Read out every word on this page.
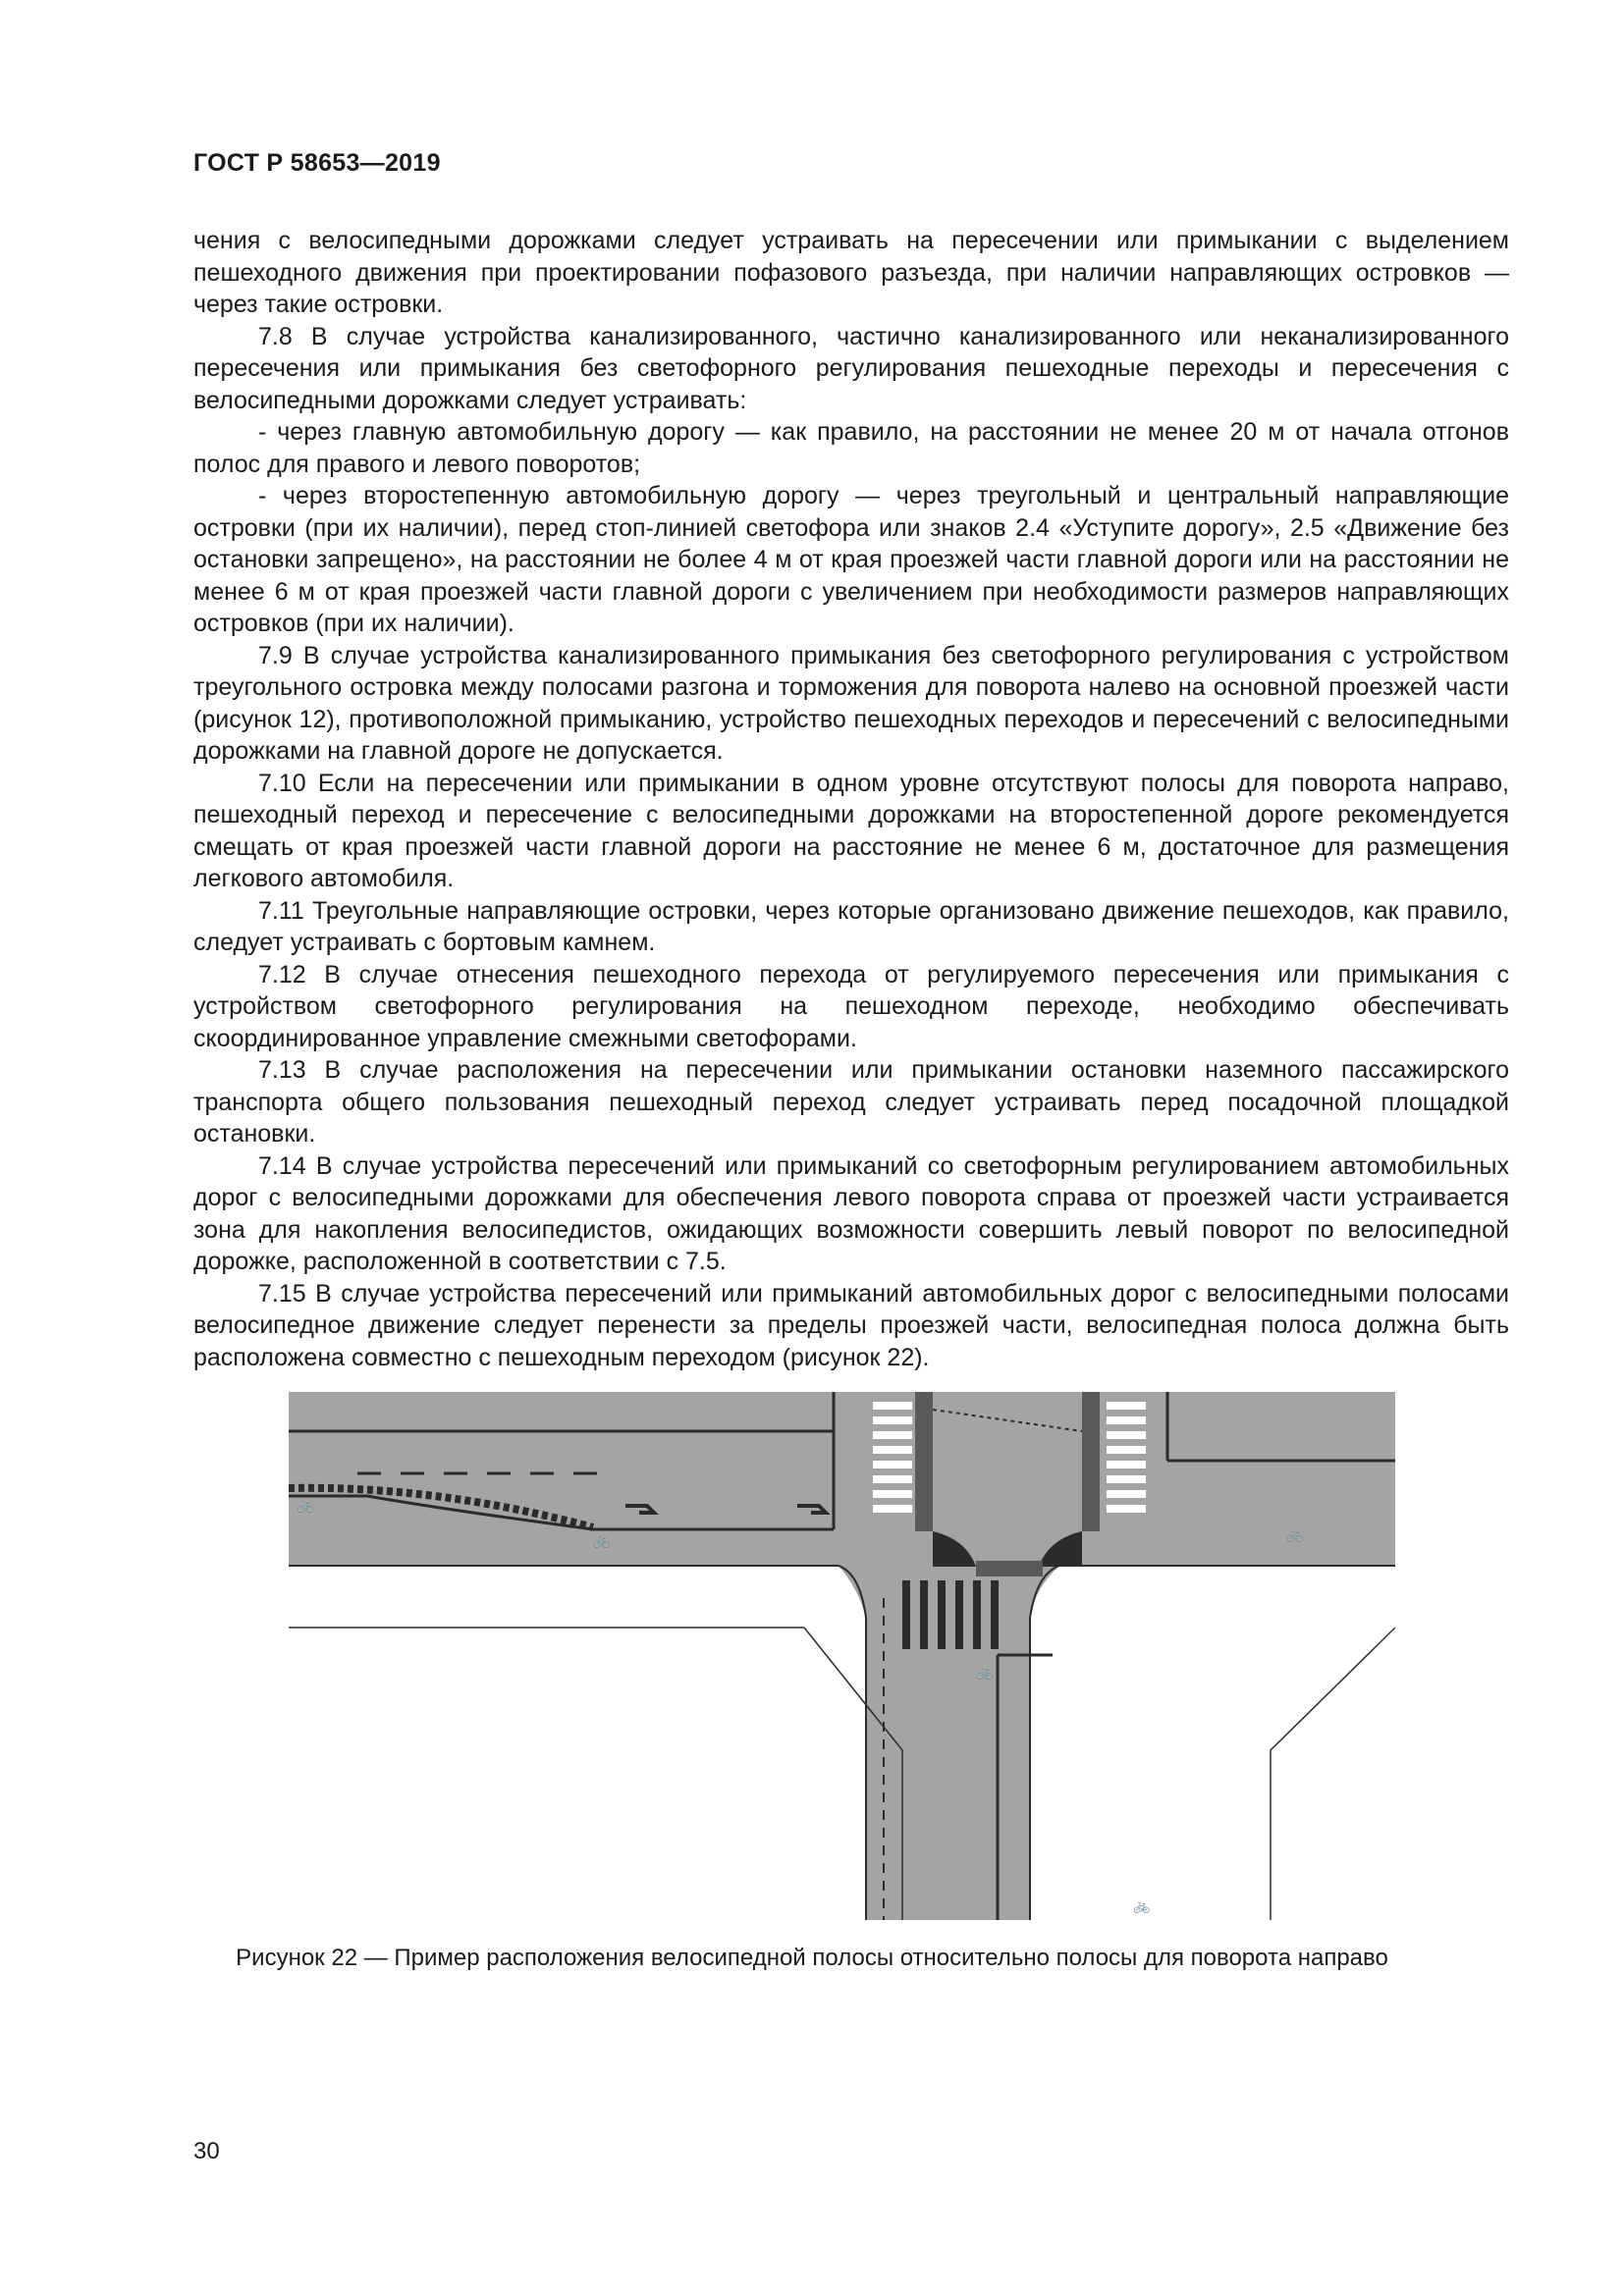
ГОСТ Р 58653—2019

чения с велосипедными дорожками следует устраивать на пересечении или примыкании с выделением пешеходного движения при проектировании пофазового разъезда, при наличии направляющих островков — через такие островки.

7.8 В случае устройства канализированного, частично канализированного или неканализированного пересечения или примыкания без светофорного регулирования пешеходные переходы и пересечения с велосипедными дорожками следует устраивать:

- через главную автомобильную дорогу — как правило, на расстоянии не менее 20 м от начала отгонов полос для правого и левого поворотов;

- через второстепенную автомобильную дорогу — через треугольный и центральный направляющие островки (при их наличии), перед стоп-линией светофора или знаков 2.4 «Уступите дорогу», 2.5 «Движение без остановки запрещено», на расстоянии не более 4 м от края проезжей части главной дороги или на расстоянии не менее 6 м от края проезжей части главной дороги с увеличением при необходимости размеров направляющих островков (при их наличии).

7.9 В случае устройства канализированного примыкания без светофорного регулирования с устройством треугольного островка между полосами разгона и торможения для поворота налево на основной проезжей части (рисунок 12), противоположной примыканию, устройство пешеходных переходов и пересечений с велосипедными дорожками на главной дороге не допускается.

7.10 Если на пересечении или примыкании в одном уровне отсутствуют полосы для поворота направо, пешеходный переход и пересечение с велосипедными дорожками на второстепенной дороге рекомендуется смещать от края проезжей части главной дороги на расстояние не менее 6 м, достаточное для размещения легкового автомобиля.

7.11 Треугольные направляющие островки, через которые организовано движение пешеходов, как правило, следует устраивать с бортовым камнем.

7.12 В случае отнесения пешеходного перехода от регулируемого пересечения или примыкания с устройством светофорного регулирования на пешеходном переходе, необходимо обеспечивать скоординированное управление смежными светофорами.

7.13 В случае расположения на пересечении или примыкании остановки наземного пассажирского транспорта общего пользования пешеходный переход следует устраивать перед посадочной площадкой остановки.

7.14 В случае устройства пересечений или примыканий со светофорным регулированием автомобильных дорог с велосипедными дорожками для обеспечения левого поворота справа от проезжей части устраивается зона для накопления велосипедистов, ожидающих возможности совершить левый поворот по велосипедной дорожке, расположенной в соответствии с 7.5.

7.15 В случае устройства пересечений или примыканий автомобильных дорог с велосипедными полосами велосипедное движение следует перенести за пределы проезжей части, велосипедная полоса должна быть расположена совместно с пешеходным переходом (рисунок 22).

🚲
🚲	🚲
🚲
🚲
Рисунок 22 — Пример расположения велосипедной полосы относительно полосы для поворота направо
30
